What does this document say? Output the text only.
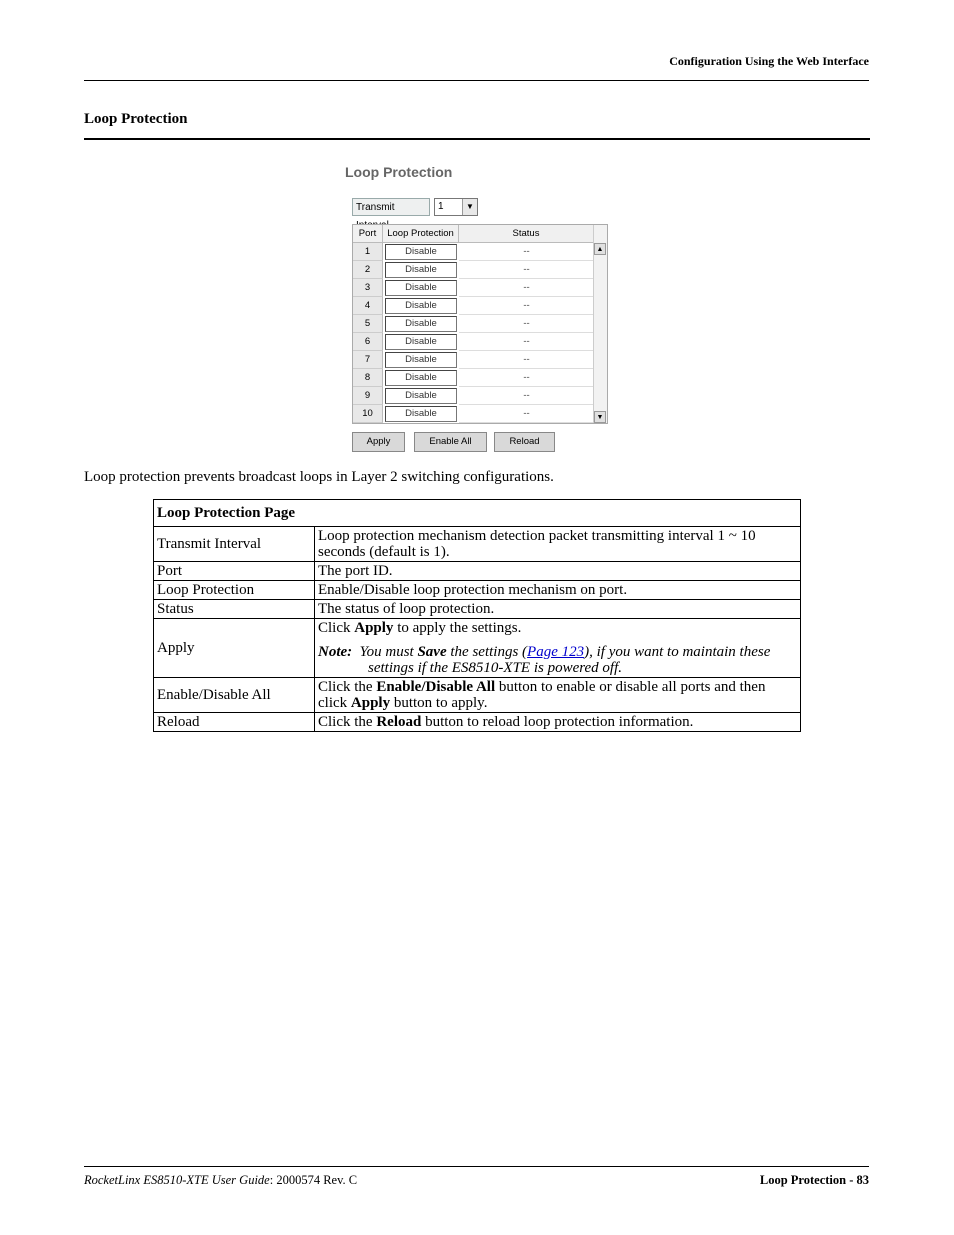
Configuration Using the Web Interface
Loop Protection
Loop Protection
Transmit	1	▼
Port	Loop Protection	Status
1	Disable	--
2	Disable	--
3	Disable	--
4	Disable	--
5	Disable	--
6	Disable	--
7	Disable	--
8	Disable	--
9	Disable	--
10	Disable	--
▲
▼
Apply	Enable All	Reload
Loop protection prevents broadcast loops in Layer 2 switching configurations.
Loop Protection Page	
Transmit Interval	Loop protection mechanism detection packet transmitting interval 1 ~ 10 seconds (default is 1).
Port	The port ID.
Loop Protection	Enable/Disable loop protection mechanism on port.
Status	The status of loop protection.
Apply	Click Apply to apply the settings.
Note: You must Save the settings (Page 123), if you want to maintain these settings if the ES8510-XTE is powered off.

Enable/Disable All	Click the Enable/Disable All button to enable or disable all ports and then click Apply button to apply.
Reload	Click the Reload button to reload loop protection information.
RocketLinx ES8510-XTE User Guide: 2000574 Rev. C	Loop Protection - 83
